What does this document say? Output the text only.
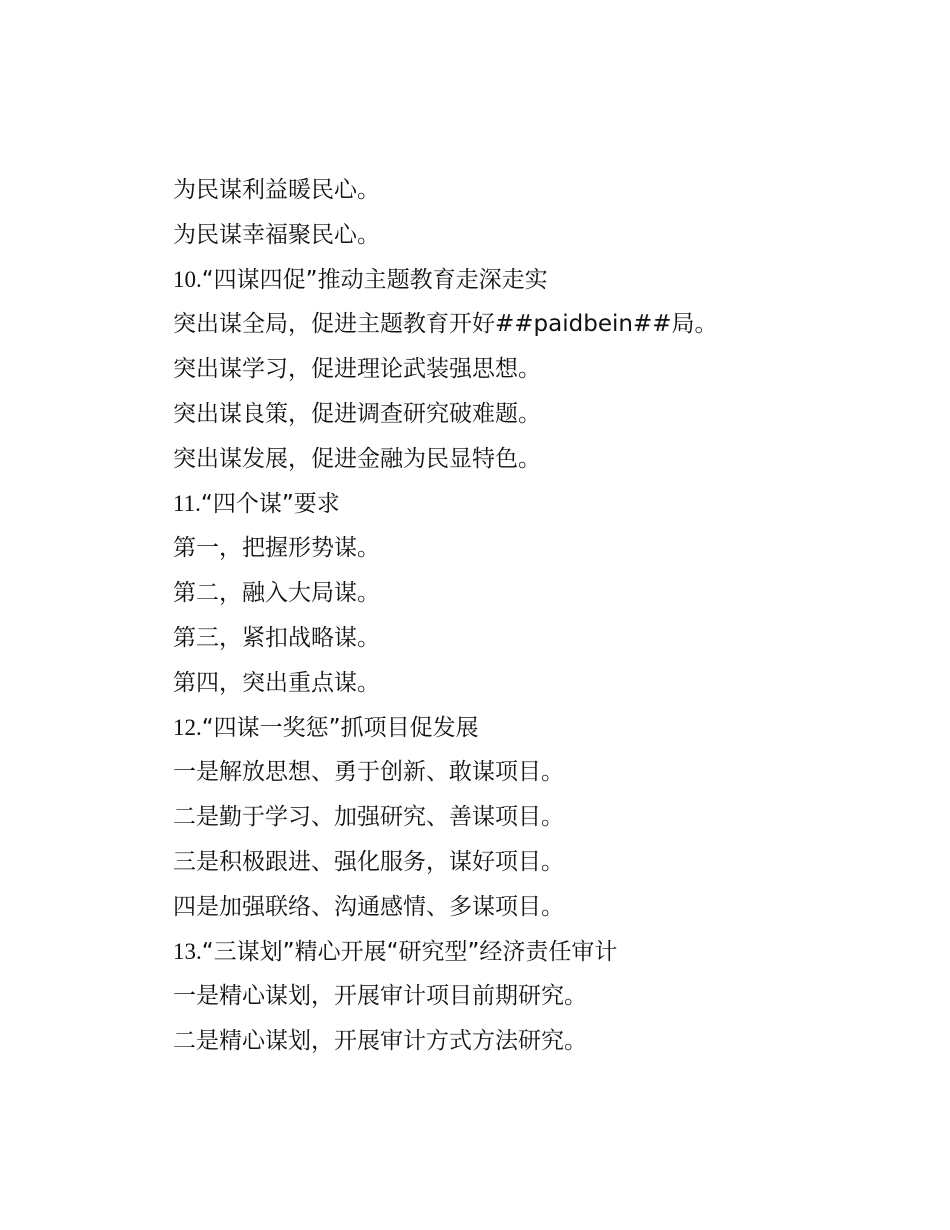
为民谋利益暖民心。
为民谋幸福聚民心。
10.“四谋四促”推动主题教育走深走实
突出谋全局，促进主题教育开好##paidbein##局。
突出谋学习，促进理论武装强思想。
突出谋良策，促进调查研究破难题。
突出谋发展，促进金融为民显特色。
11.“四个谋”要求
第一，把握形势谋。
第二，融入大局谋。
第三，紧扣战略谋。
第四，突出重点谋。
12.“四谋一奖惩”抓项目促发展
一是解放思想、勇于创新、敢谋项目。
二是勤于学习、加强研究、善谋项目。
三是积极跟进、强化服务，谋好项目。
四是加强联络、沟通感情、多谋项目。
13.“三谋划”精心开展“研究型”经济责任审计
一是精心谋划，开展审计项目前期研究。
二是精心谋划，开展审计方式方法研究。
